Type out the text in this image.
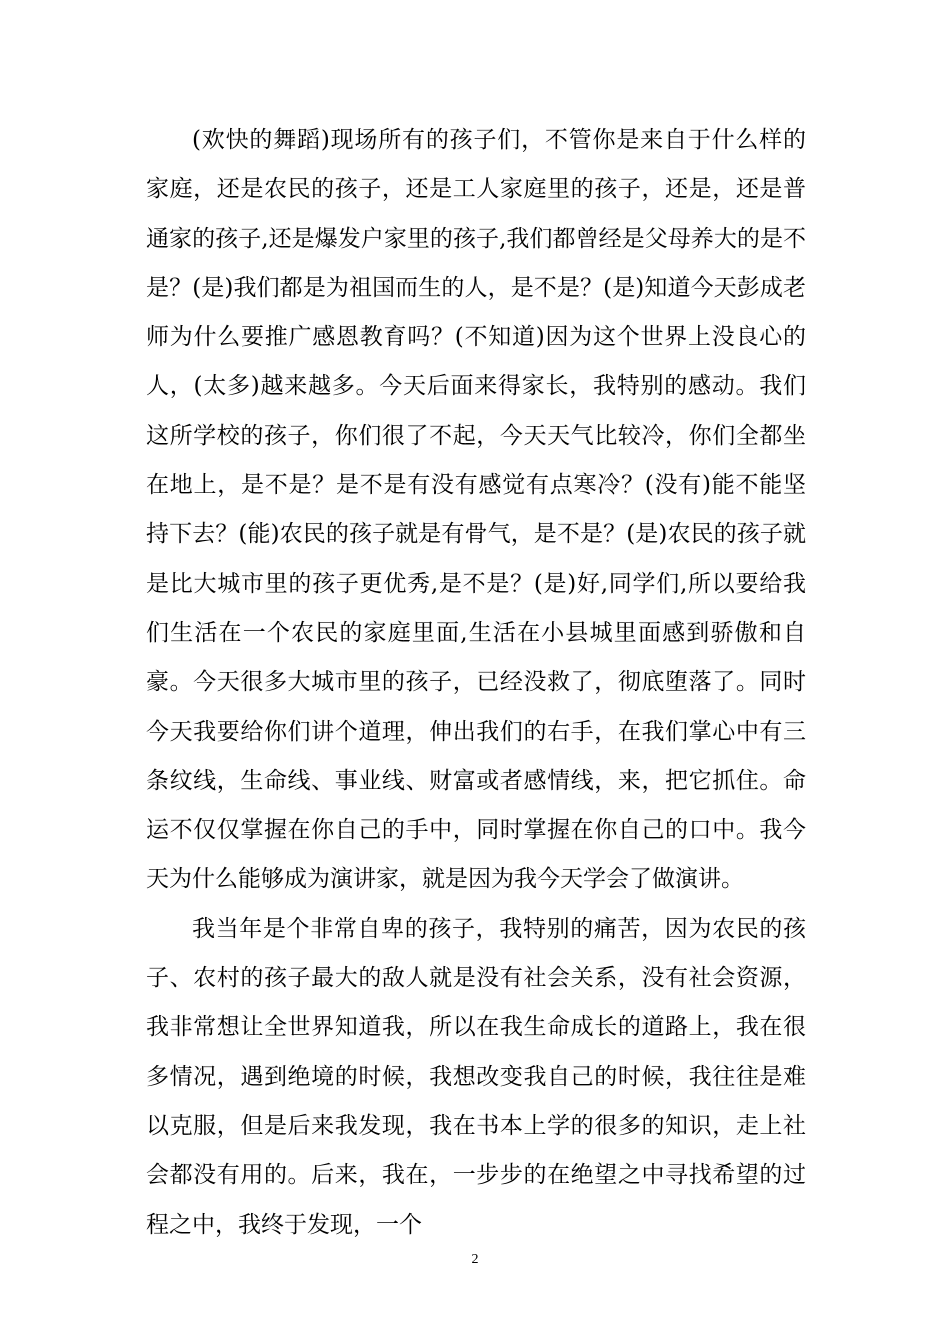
(欢快的舞蹈)现场所有的孩子们，不管你是来自于什么样的家庭，还是农民的孩子，还是工人家庭里的孩子，还是，还是普通家的孩子,还是爆发户家里的孩子,我们都曾经是父母养大的是不是？(是)我们都是为祖国而生的人，是不是？(是)知道今天彭成老师为什么要推广感恩教育吗？(不知道)因为这个世界上没良心的人，(太多)越来越多。今天后面来得家长，我特别的感动。我们这所学校的孩子，你们很了不起，今天天气比较冷，你们全都坐在地上，是不是？是不是有没有感觉有点寒冷？(没有)能不能坚持下去？(能)农民的孩子就是有骨气，是不是？(是)农民的孩子就是比大城市里的孩子更优秀,是不是？(是)好,同学们,所以要给我们生活在一个农民的家庭里面,生活在小县城里面感到骄傲和自豪。今天很多大城市里的孩子，已经没救了，彻底堕落了。同时今天我要给你们讲个道理，伸出我们的右手，在我们掌心中有三条纹线，生命线、事业线、财富或者感情线，来，把它抓住。命运不仅仅掌握在你自己的手中，同时掌握在你自己的口中。我今天为什么能够成为演讲家，就是因为我今天学会了做演讲。

我当年是个非常自卑的孩子，我特别的痛苦，因为农民的孩子、农村的孩子最大的敌人就是没有社会关系，没有社会资源，我非常想让全世界知道我，所以在我生命成长的道路上，我在很多情况，遇到绝境的时候，我想改变我自己的时候，我往往是难以克服，但是后来我发现，我在书本上学的很多的知识，走上社会都没有用的。后来，我在，一步步的在绝望之中寻找希望的过程之中，我终于发现，一个

2
